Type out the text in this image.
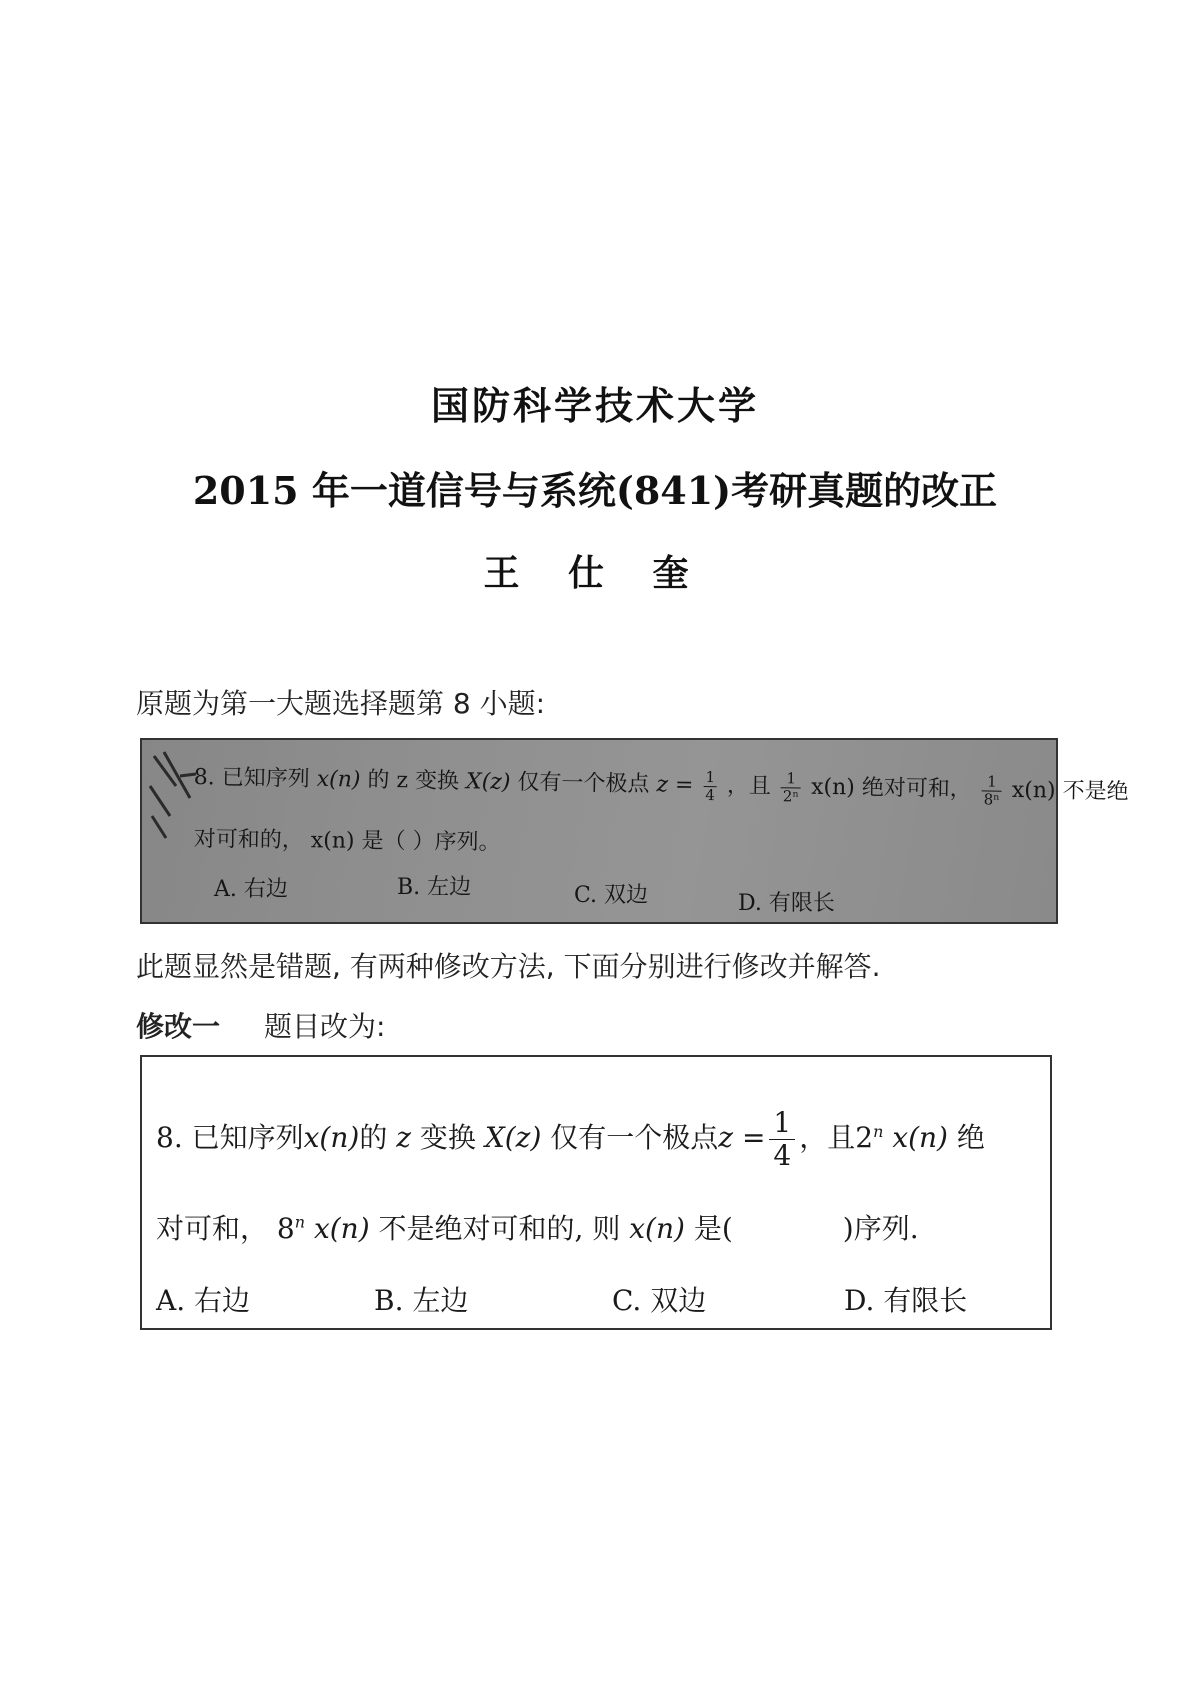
国防科学技术大学
2015 年一道信号与系统(841)考研真题的改正
王 仕 奎
原题为第一大题选择题第 8 小题:
8. 已知序列 x(n) 的 z 变换 X(z) 仅有一个极点 $z = \frac{1}{4}$ ，且 $\frac{1}{\text{2ⁿ}} x(n)$ 绝对可和， $\frac{1}{\text{8ⁿ}} x(n)$ 不是绝
对可和的， x(n) 是（ ）序列。
A. 右边	B. 左边	C. 双边	D. 有限长
此题显然是错题, 有两种修改方法, 下面分别进行修改并解答.
修改一 题目改为:
8. 已知序列x(n)的 z 变换 X(z) 仅有一个极点$z = \frac{1}{4}$ ，且2$^n$ x(n) 绝
对可和， 8$^n$ x(n) 不是绝对可和的, 则 x(n) 是(	)序列.
A. 右边	B. 左边	C. 双边	D. 有限长
